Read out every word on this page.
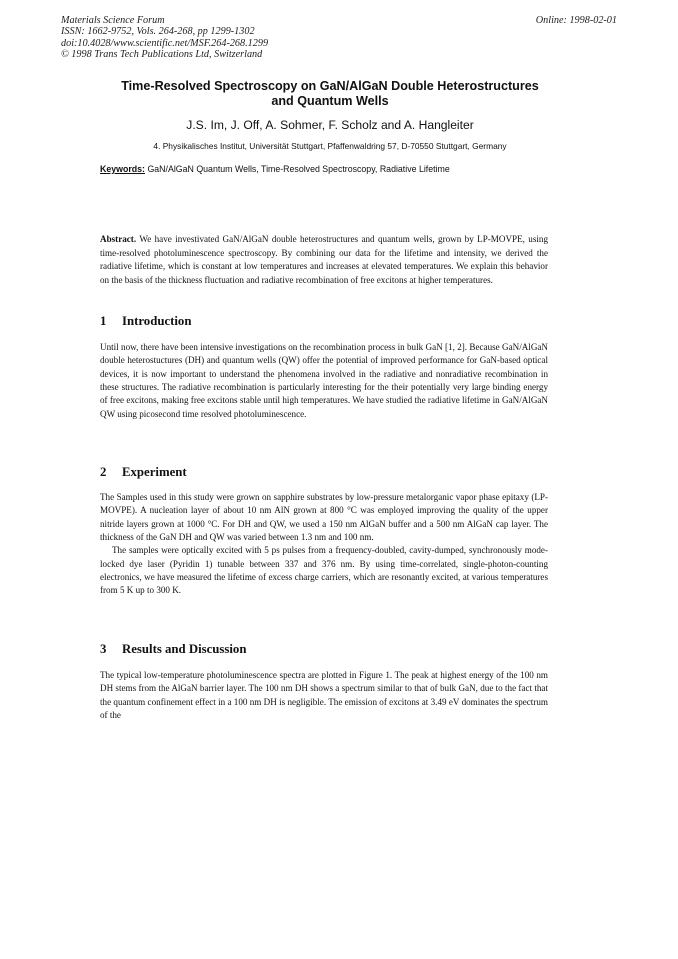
Materials Science Forum
ISSN: 1662-9752, Vols. 264-268, pp 1299-1302
doi:10.4028/www.scientific.net/MSF.264-268.1299
© 1998 Trans Tech Publications Ltd, Switzerland
Online: 1998-02-01
Time-Resolved Spectroscopy on GaN/AlGaN Double Heterostructures
and Quantum Wells
J.S. Im, J. Off, A. Sohmer, F. Scholz and A. Hangleiter
4. Physikalisches Institut, Universität Stuttgart, Pfaffenwaldring 57, D-70550 Stuttgart, Germany
Keywords: GaN/AlGaN Quantum Wells, Time-Resolved Spectroscopy, Radiative Lifetime
Abstract. We have investivated GaN/AlGaN double heterostructures and quantum wells, grown by LP-MOVPE, using time-resolved photoluminescence spectroscopy. By combining our data for the lifetime and intensity, we derived the radiative lifetime, which is constant at low temperatures and increases at elevated temperatures. We explain this behavior on the basis of the thickness fluctuation and radiative recombination of free excitons at higher temperatures.
1 Introduction

Until now, there have been intensive investigations on the recombination process in bulk GaN [1, 2]. Because GaN/AlGaN double heterostuctures (DH) and quantum wells (QW) offer the potential of improved performance for GaN-based optical devices, it is now important to understand the phenomena involved in the radiative and nonradiative recombination in these structures. The radiative recombination is particularly interesting for the their potentially very large binding energy of free excitons, making free excitons stable until high temperatures. We have studied the radiative lifetime in GaN/AlGaN QW using picosecond time resolved photoluminescence.

2 Experiment

The Samples used in this study were grown on sapphire substrates by low-pressure metalorganic vapor phase epitaxy (LP-MOVPE). A nucleation layer of about 10 nm AlN grown at 800 °C was employed improving the quality of the upper nitride layers grown at 1000 °C. For DH and QW, we used a 150 nm AlGaN buffer and a 500 nm AlGaN cap layer. The thickness of the GaN DH and QW was varied between 1.3 nm and 100 nm.

The samples were optically excited with 5 ps pulses from a frequency-doubled, cavity-dumped, synchronously mode-locked dye laser (Pyridin 1) tunable between 337 and 376 nm. By using time-correlated, single-photon-counting electronics, we have measured the lifetime of excess charge carriers, which are resonantly excited, at various temperatures from 5 K up to 300 K.

3 Results and Discussion

The typical low-temperature photoluminescence spectra are plotted in Figure 1. The peak at highest energy of the 100 nm DH stems from the AlGaN barrier layer. The 100 nm DH shows a spectrum similar to that of bulk GaN, due to the fact that the quantum confinement effect in a 100 nm DH is negligible. The emission of excitons at 3.49 eV dominates the spectrum of the
